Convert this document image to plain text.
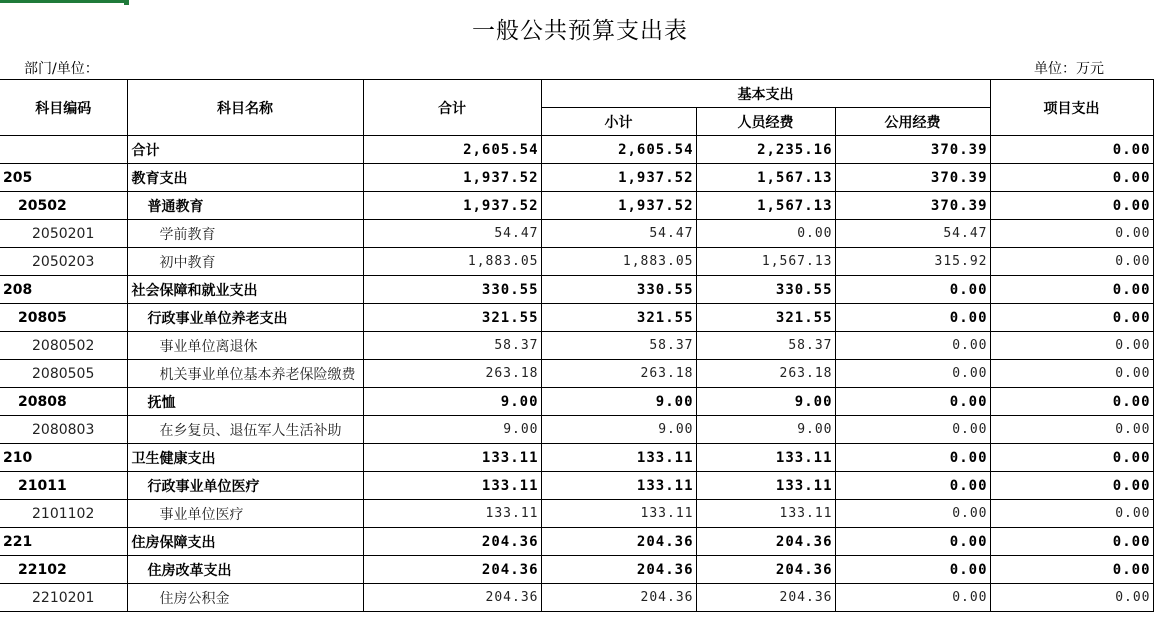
一般公共预算支出表
部门/单位：	单位：万元
科目编码	科目名称	合计	基本支出			项目支出
			小计	人员经费	公用经费	
	合计	2,605.54	2,605.54	2,235.16	370.39	0.00
205	教育支出	1,937.52	1,937.52	1,567.13	370.39	0.00
20502	普通教育	1,937.52	1,937.52	1,567.13	370.39	0.00
2050201	学前教育	54.47	54.47	0.00	54.47	0.00
2050203	初中教育	1,883.05	1,883.05	1,567.13	315.92	0.00
208	社会保障和就业支出	330.55	330.55	330.55	0.00	0.00
20805	行政事业单位养老支出	321.55	321.55	321.55	0.00	0.00
2080502	事业单位离退休	58.37	58.37	58.37	0.00	0.00
2080505	机关事业单位基本养老保险缴费	263.18	263.18	263.18	0.00	0.00
20808	抚恤	9.00	9.00	9.00	0.00	0.00
2080803	在乡复员、退伍军人生活补助	9.00	9.00	9.00	0.00	0.00
210	卫生健康支出	133.11	133.11	133.11	0.00	0.00
21011	行政事业单位医疗	133.11	133.11	133.11	0.00	0.00
2101102	事业单位医疗	133.11	133.11	133.11	0.00	0.00
221	住房保障支出	204.36	204.36	204.36	0.00	0.00
22102	住房改革支出	204.36	204.36	204.36	0.00	0.00
2210201	住房公积金	204.36	204.36	204.36	0.00	0.00
